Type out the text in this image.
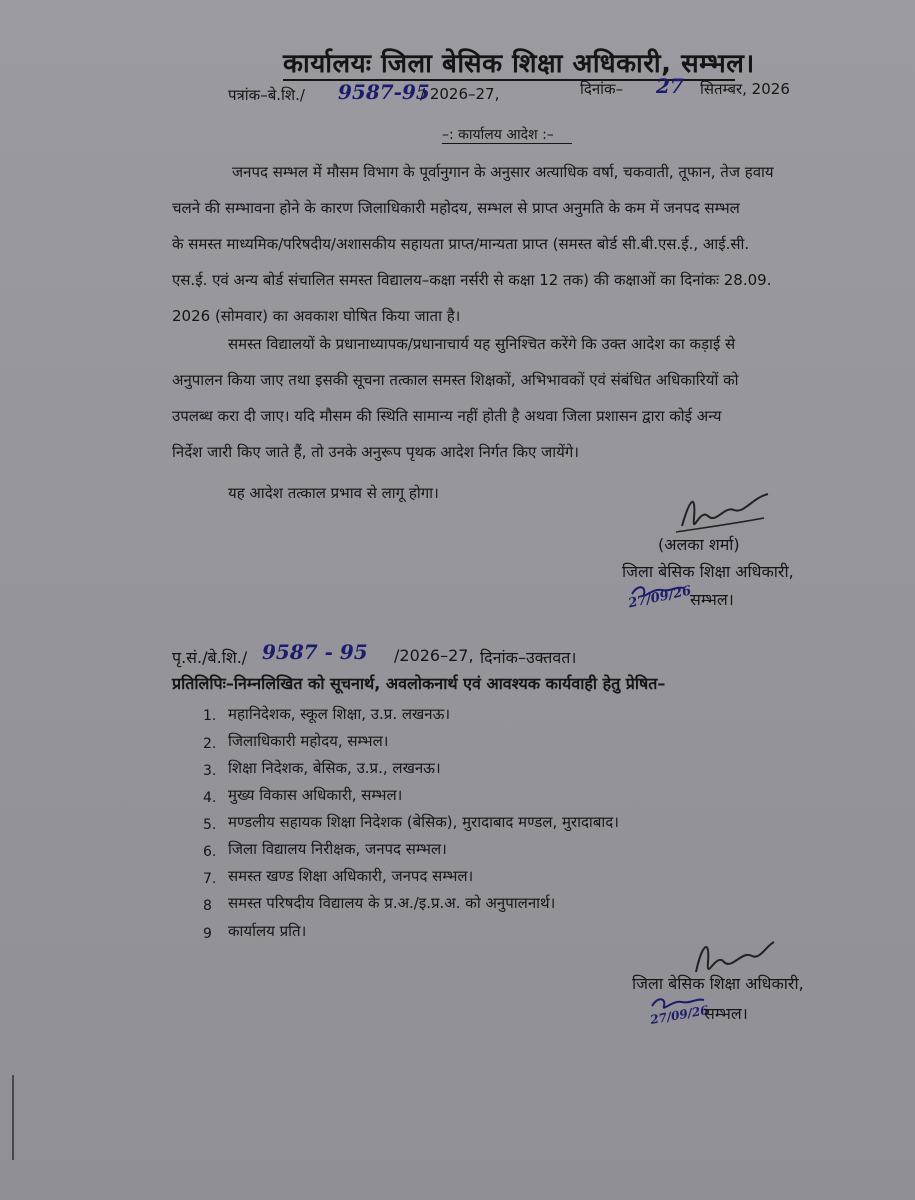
कार्यालयः जिला बेसिक शिक्षा अधिकारी, सम्भल।
पत्रांक–बे.शि./ 9587-95
/ 2026–27,	दिनांक– 27 सितम्बर, 2026
–: कार्यालय आदेश :–
जनपद सम्भल में मौसम विभाग के पूर्वानुगान के अनुसार अत्याधिक वर्षा, चकवाती, तूफान, तेज हवाय
चलने की सम्भावना होने के कारण जिलाधिकारी महोदय, सम्भल से प्राप्त अनुमति के कम में जनपद सम्भल
के समस्त माध्यमिक/परिषदीय/अशासकीय सहायता प्राप्त/मान्यता प्राप्त (समस्त बोर्ड सी.बी.एस.ई., आई.सी.
एस.ई. एवं अन्य बोर्ड संचालित समस्त विद्यालय–कक्षा नर्सरी से कक्षा 12 तक) की कक्षाओं का दिनांकः 28.09.
2026 (सोमवार) का अवकाश घोषित किया जाता है।
समस्त विद्यालयों के प्रधानाध्यापक/प्रधानाचार्य यह सुनिश्चित करेंगे कि उक्त आदेश का कड़ाई से
अनुपालन किया जाए तथा इसकी सूचना तत्काल समस्त शिक्षकों, अभिभावकों एवं संबंधित अधिकारियों को
उपलब्ध करा दी जाए। यदि मौसम की स्थिति सामान्य नहीं होती है अथवा जिला प्रशासन द्वारा कोई अन्य
निर्देश जारी किए जाते हैं, तो उनके अनुरूप पृथक आदेश निर्गत किए जायेंगे।
यह आदेश तत्काल प्रभाव से लागू होगा।
(अलका शर्मा)
जिला बेसिक शिक्षा अधिकारी,
27/09/26
सम्भल।
पृ.सं./बे.शि./ 9587 - 95 /2026–27, दिनांक–उक्तवत।
प्रतिलिपिः–निम्नलिखित को सूचनार्थ, अवलोकनार्थ एवं आवश्यक कार्यवाही हेतु प्रेषित–
1. महानिदेशक, स्कूल शिक्षा, उ.प्र. लखनऊ।
2. जिलाधिकारी महोदय, सम्भल।
3. शिक्षा निदेशक, बेसिक, उ.प्र., लखनऊ।
4. मुख्य विकास अधिकारी, सम्भल।
5. मण्डलीय सहायक शिक्षा निदेशक (बेसिक), मुरादाबाद मण्डल, मुरादाबाद।
6. जिला विद्यालय निरीक्षक, जनपद सम्भल।
7. समस्त खण्ड शिक्षा अधिकारी, जनपद सम्भल।
8 समस्त परिषदीय विद्यालय के प्र.अ./इ.प्र.अ. को अनुपालनार्थ।
9 कार्यालय प्रति।
जिला बेसिक शिक्षा अधिकारी,
27/09/26
सम्भल।
